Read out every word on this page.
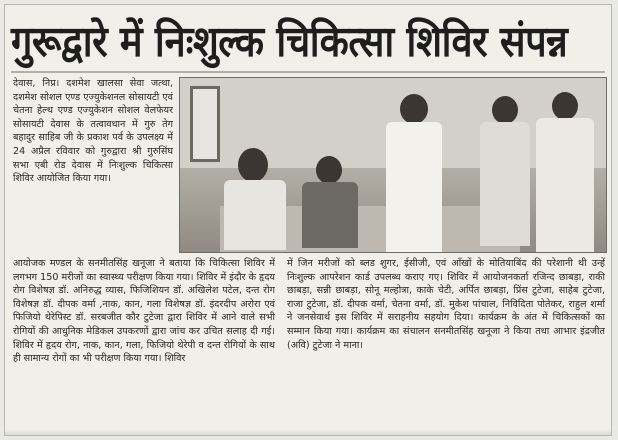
गुरूद्वारे में निःशुल्क चिकित्सा शिविर संपन्न

देवास, निप्र। दशमेश खालसा सेवा जत्था, दशमेश सोशल एण्ड एज्युकेशनल सोसायटी एवं चेतना हेल्थ एण्ड एज्युकेशन सोशल वेलफेयर सोसायटी देवास के तत्वावधान में गुरु तेग बहादुर साहिब जी के प्रकाश पर्व के उपलक्ष्य में 24 अप्रैल रविवार को गुरुद्वारा श्री गुरुसिंघ सभा एबी रोड देवास में निःशुल्क चिकित्सा शिविर आयोजित किया गया।

आयोजक मण्डल के सनमीतसिंह खनूजा ने बताया कि चिकित्सा शिविर में लगभग 150 मरीजों का स्वास्थ्य परीक्षण किया गया। शिविर में इंदौर के हृदय रोग विशेषज्ञ डॉ. अनिरुद्ध व्यास, फिजिशियन डॉ. अखिलेश पटेल, दन्त रोग विशेषज्ञ डॉ. दीपक वर्मा ,नाक, कान, गला विशेषज्ञ डॉ. इंदरदीप अरोरा एवं फिजियो थेरेपिस्ट डॉ. सरबजीत कौर टुटेजा द्वारा शिविर में आने वाले सभी रोगियों की आधुनिक मेडिकल उपकरणों द्वारा जांच कर उचित सलाह दी गई। शिविर में हृदय रोग, नाक, कान, गला, फिजियो थेरेपी व दन्त रोगियों के साथ ही सामान्य रोगों का भी परीक्षण किया गया। शिविर

में जिन मरीजों को ब्लड शुगर, ईसीजी, एवं आँखों के मोतियाबिंद की परेशानी थी उन्हें निःशुल्क आपरेशन कार्ड उपलब्ध कराए गए। शिविर में आयोजनकर्ता रजिन्द छाबड़ा, राकी छाबड़ा, सन्नी छाबड़ा, सोनू मल्होत्रा, काके चेटी, अर्पित छाबड़ा, प्रिंस टुटेजा, साहेब टुटेजा, राजा टुटेजा, डॉ. दीपक वर्मा, चेतना वर्मा, डॉ. मुकेश पांचाल, निविदिता पोतेकर, राहुल शर्मा ने जनसेवार्थ इस शिविर में सराहनीय सहयोग दिया। कार्यक्रम के अंत में चिकित्सकों का सम्मान किया गया। कार्यक्रम का संचालन सनमीतसिंह खनूजा ने किया तथा आभार इंद्रजीत (अवि) टुटेजा ने माना।
